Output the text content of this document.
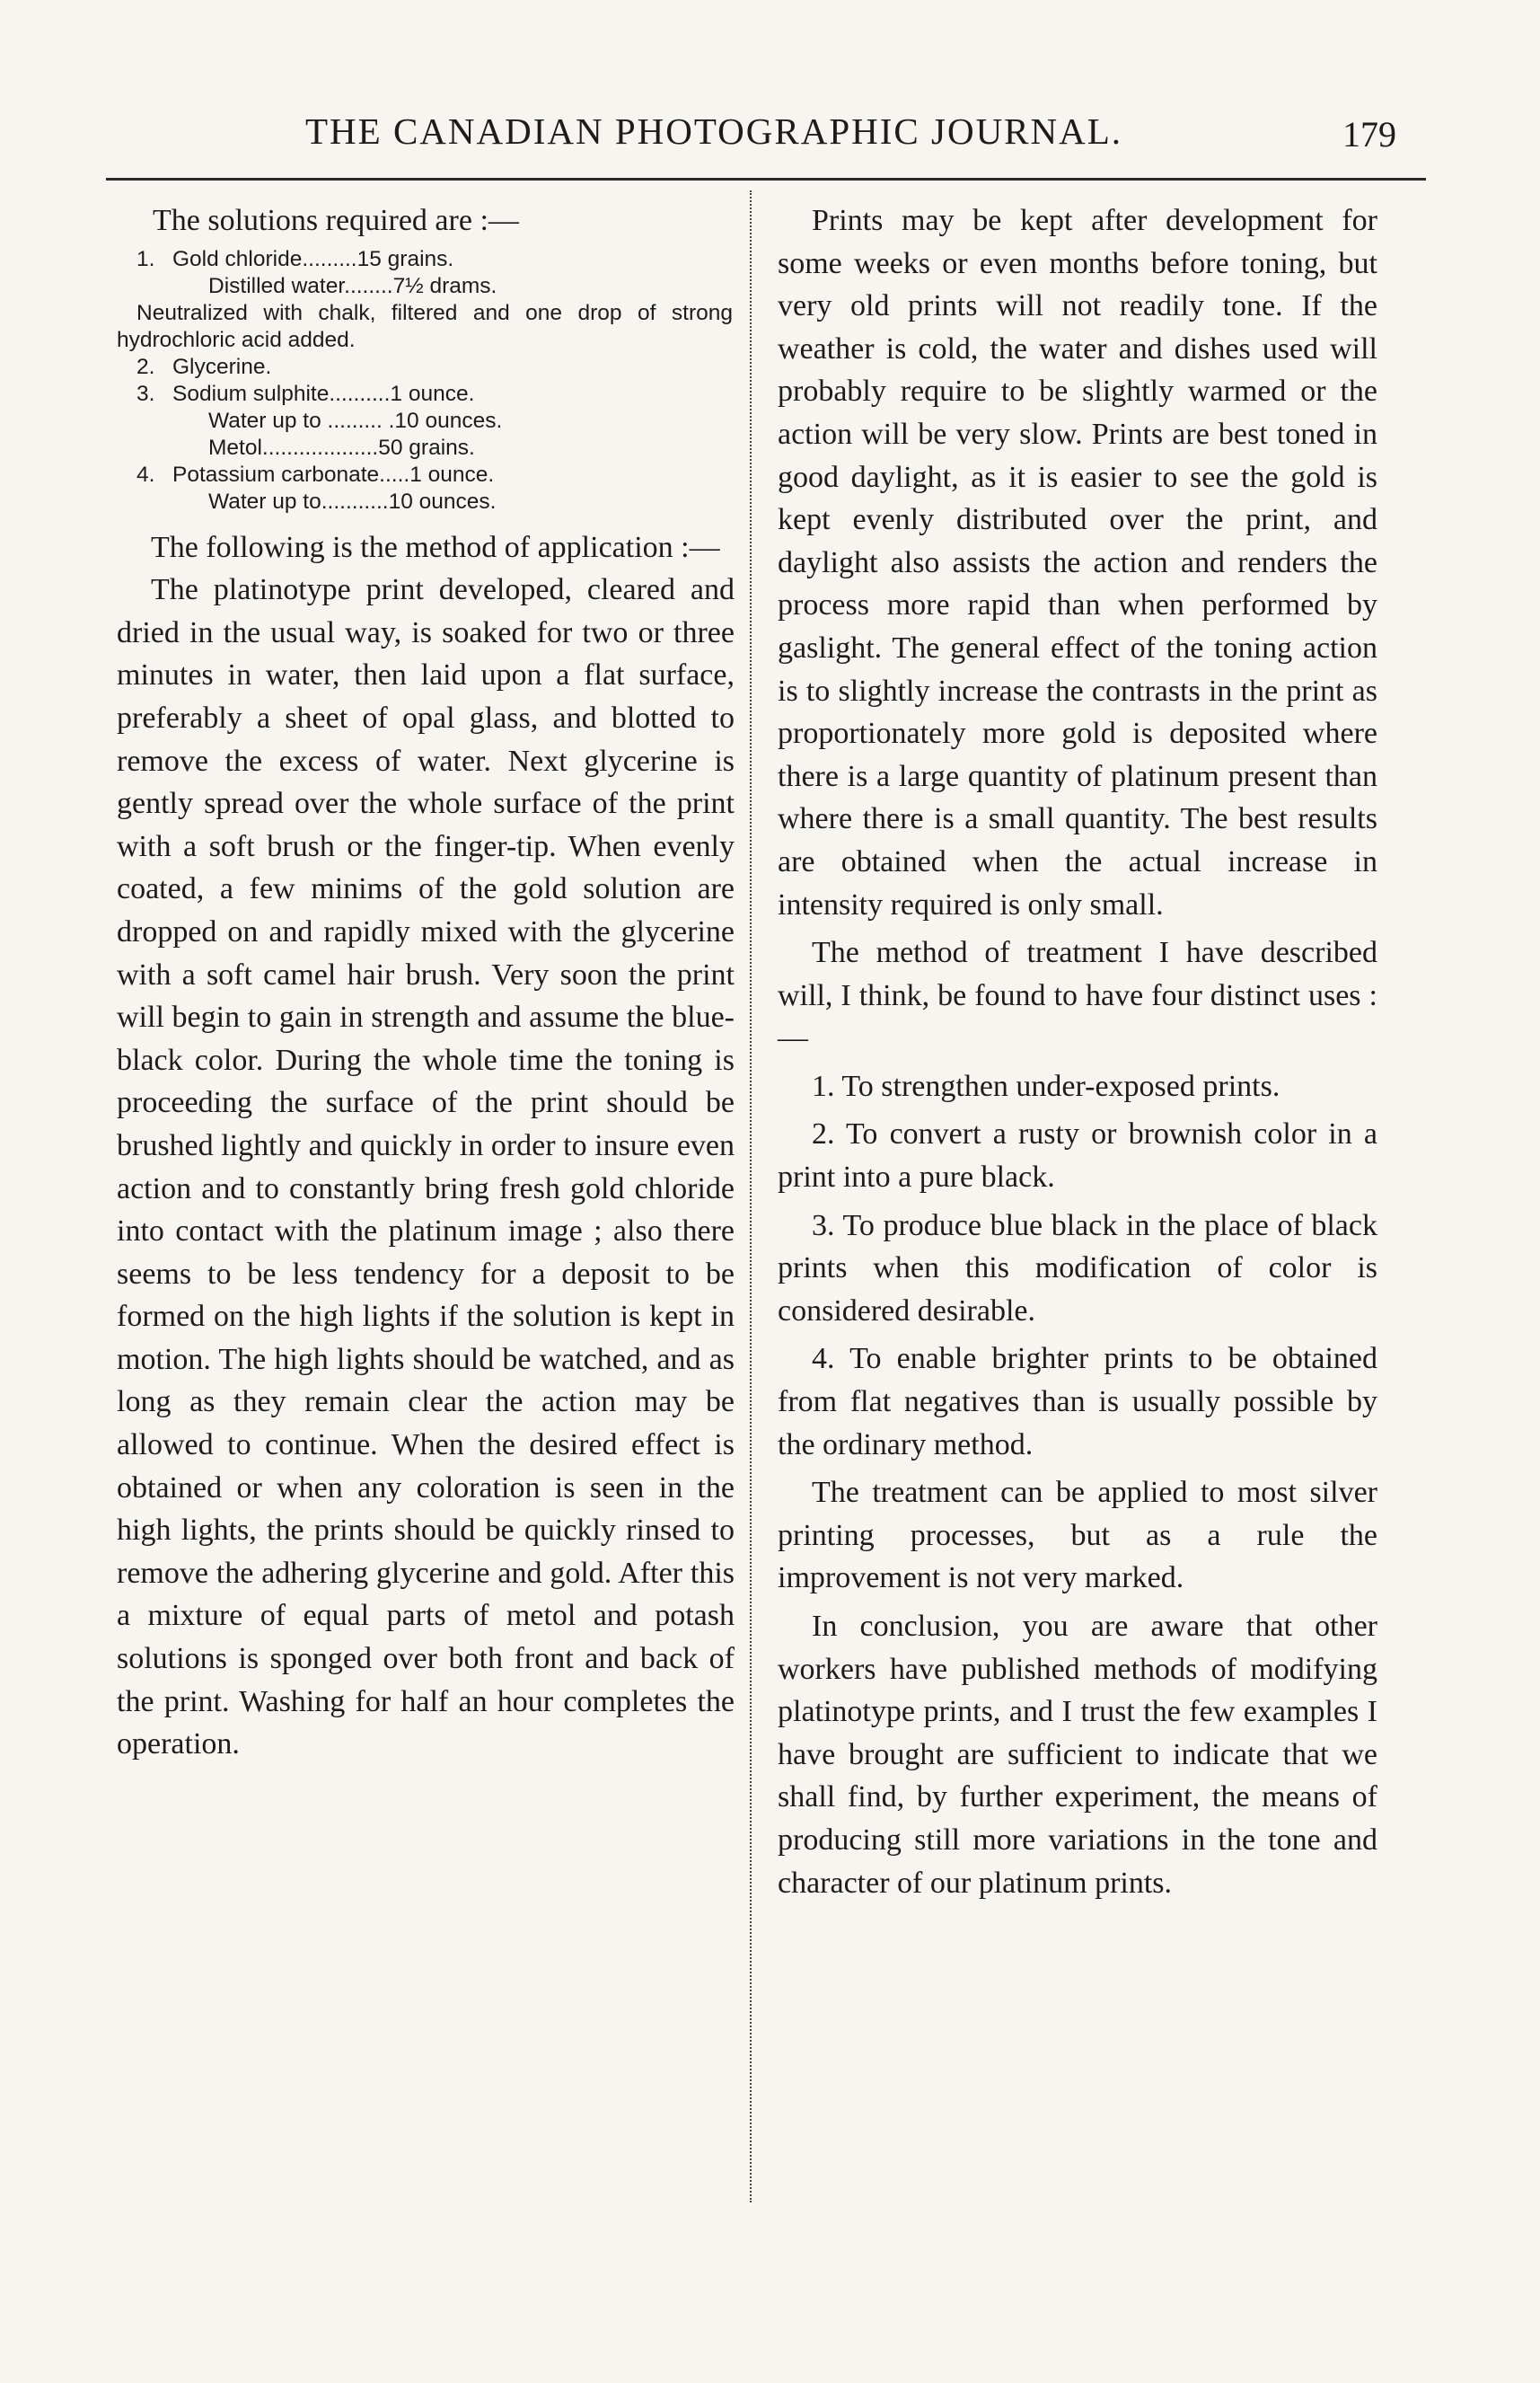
THE CANADIAN PHOTOGRAPHIC JOURNAL.	179

The solutions required are :—

1. Gold chloride.........15 grains.
Distilled water........7½ drams.
Neutralized with chalk, filtered and one drop of strong hydrochloric acid added.
2. Glycerine.
3. Sodium sulphite..........1 ounce.
Water up to ......... .10 ounces.
Metol...................50 grains.
4. Potassium carbonate.....1 ounce.
Water up to...........10 ounces.

The following is the method of application :—

The platinotype print developed, cleared and dried in the usual way, is soaked for two or three minutes in water, then laid upon a flat surface, preferably a sheet of opal glass, and blotted to remove the excess of water. Next glycerine is gently spread over the whole surface of the print with a soft brush or the finger-tip. When evenly coated, a few minims of the gold solution are dropped on and rapidly mixed with the glycerine with a soft camel hair brush. Very soon the print will begin to gain in strength and assume the blue-black color. During the whole time the toning is proceeding the surface of the print should be brushed lightly and quickly in order to insure even action and to constantly bring fresh gold chloride into contact with the platinum image ; also there seems to be less tendency for a deposit to be formed on the high lights if the solution is kept in motion. The high lights should be watched, and as long as they remain clear the action may be allowed to continue. When the desired effect is obtained or when any coloration is seen in the high lights, the prints should be quickly rinsed to remove the adhering glycerine and gold. After this a mixture of equal parts of metol and potash solutions is sponged over both front and back of the print. Washing for half an hour completes the operation.

Prints may be kept after development for some weeks or even months before toning, but very old prints will not readily tone. If the weather is cold, the water and dishes used will probably require to be slightly warmed or the action will be very slow. Prints are best toned in good daylight, as it is easier to see the gold is kept evenly distributed over the print, and daylight also assists the action and renders the process more rapid than when performed by gaslight. The general effect of the toning action is to slightly increase the contrasts in the print as proportionately more gold is deposited where there is a large quantity of platinum present than where there is a small quantity. The best results are obtained when the actual increase in intensity required is only small.

The method of treatment I have described will, I think, be found to have four distinct uses :—

1. To strengthen under-exposed prints.

2. To convert a rusty or brownish color in a print into a pure black.

3. To produce blue black in the place of black prints when this modification of color is considered desirable.

4. To enable brighter prints to be obtained from flat negatives than is usually possible by the ordinary method.

The treatment can be applied to most silver printing processes, but as a rule the improvement is not very marked.

In conclusion, you are aware that other workers have published methods of modifying platinotype prints, and I trust the few examples I have brought are sufficient to indicate that we shall find, by further experiment, the means of producing still more variations in the tone and character of our platinum prints.
